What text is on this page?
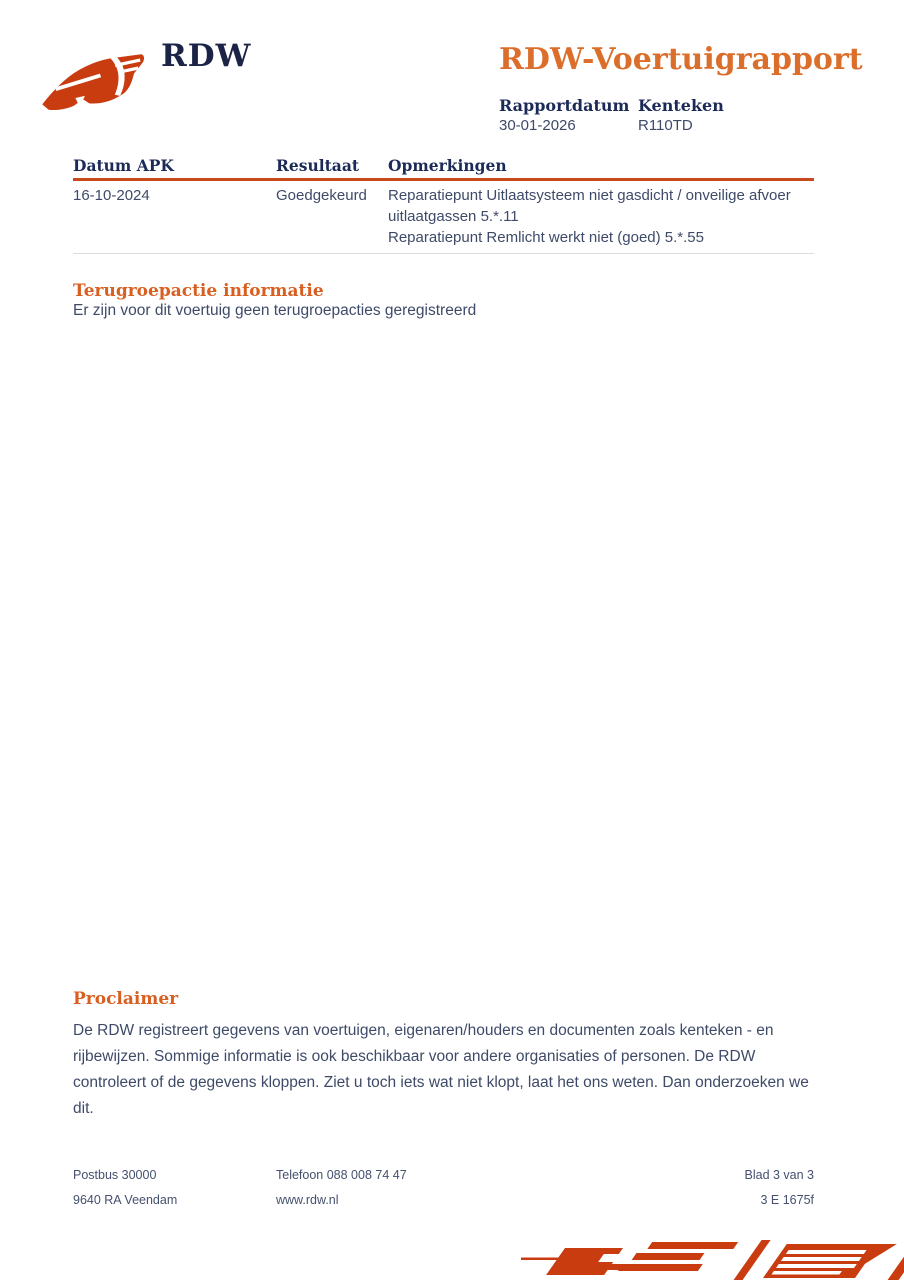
RDW	RDW-Voertuigrapport
Rapportdatum Kenteken
30-01-2026	R110TD
Datum APK	Resultaat	Opmerkingen
16-10-2024	Goedgekeurd	Reparatiepunt Uitlaatsysteem niet gasdicht / onveilige afvoer uitlaatgassen 5.*.11

Reparatiepunt Remlicht werkt niet (goed) 5.*.55

Terugroepactie informatie
Er zijn voor dit voertuig geen terugroepacties geregistreerd
Proclaimer
De RDW registreert gegevens van voertuigen, eigenaren/houders en documenten zoals kenteken - en rijbewijzen. Sommige informatie is ook beschikbaar voor andere organisaties of personen. De RDW controleert of de gegevens kloppen. Ziet u toch iets wat niet klopt, laat het ons weten. Dan onderzoeken we dit.
Postbus 30000
9640 RA Veendam
Telefoon 088 008 74 47
www.rdw.nl
Blad 3 van 3
3 E 1675f
